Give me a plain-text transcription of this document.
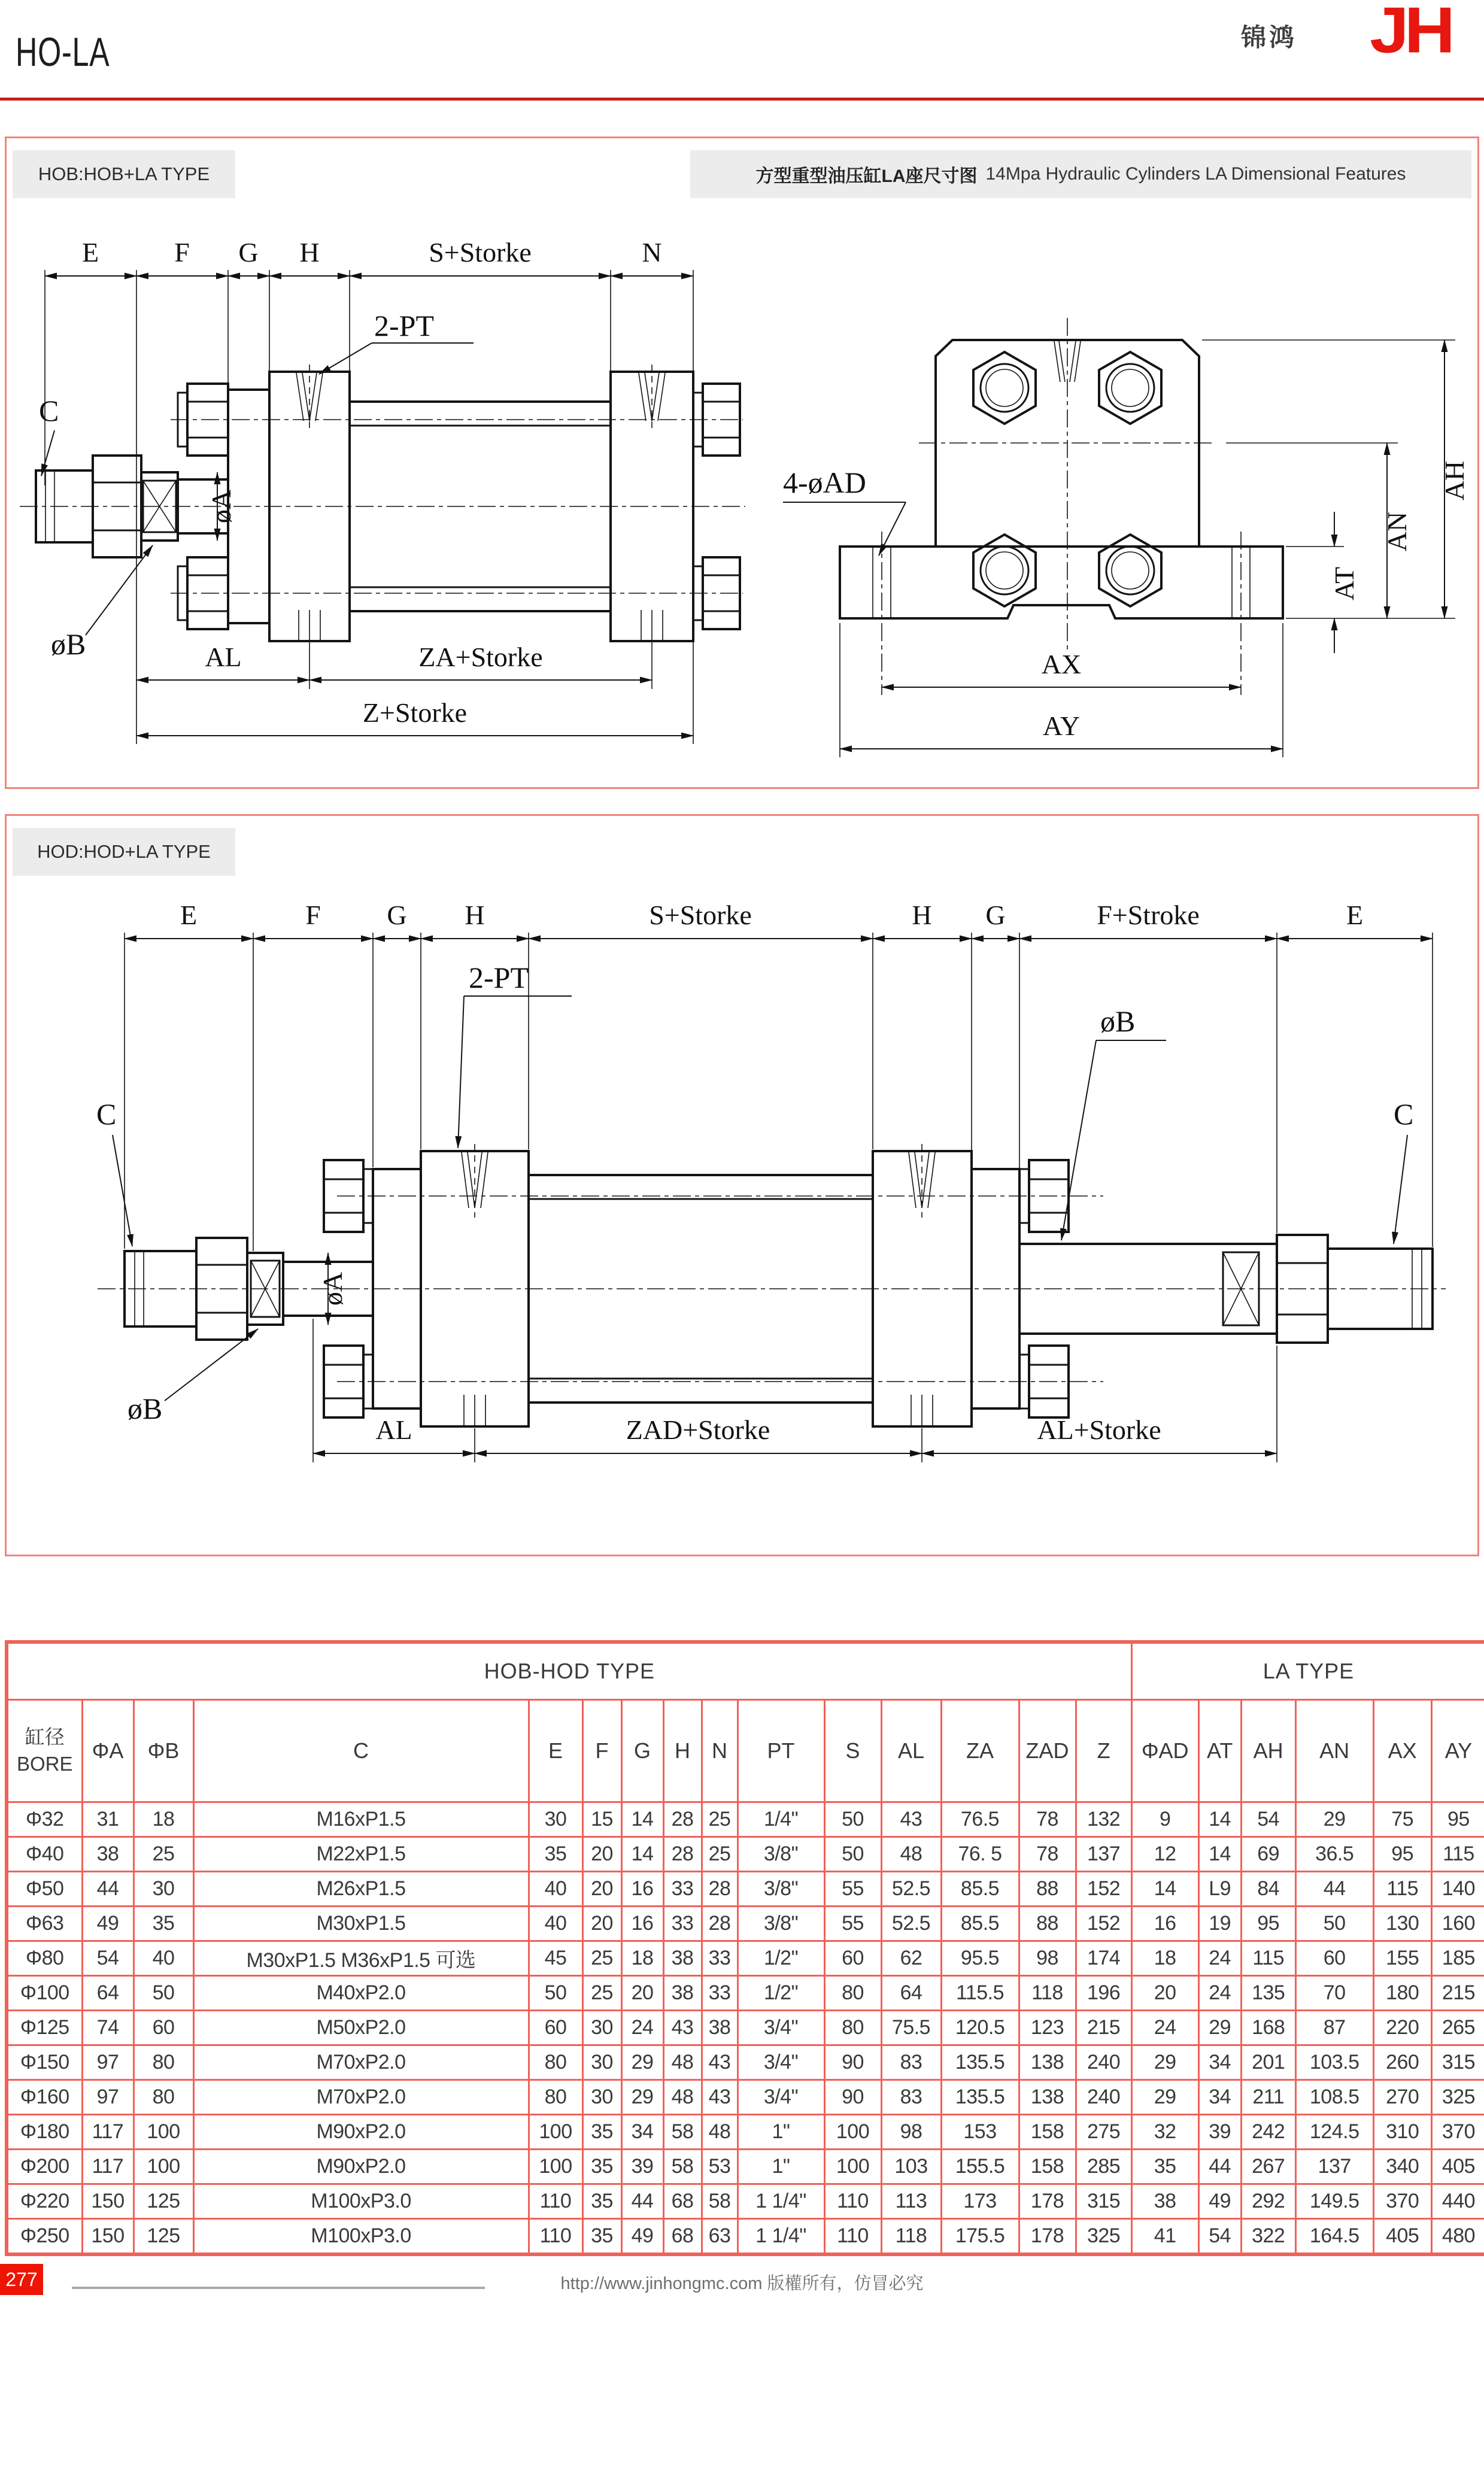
HO-LA	锦鸿 JH
HOB:HOB+LA TYPE	方型重型油压缸LA座尺寸图 14Mpa Hydraulic Cylinders LA Dimensional Features
E	F G H	S+Storke	N
C
øB
2-PT
øA
AL	ZA+Storke
Z+Storke
AH
AN
AT
AX
AY
4-øAD
HOD:HOD+LA TYPE
E	F G H	S+Storke	H G	F+Stroke	E
C	C
2-PT
øB
øB
øA
AL	ZAD+Storke	AL+Storke
HOB-HOD TYPE															LA TYPE					

缸径
BORE	ΦA	ΦB	C	E	F	G	H	N	PT	S	AL	ZA	ZAD	Z	ΦAD	AT	AH	AN	AX	AY
Φ32	31	18	M16xP1.5	30	15	14	28	25	1/4"	50	43	76.5	78	132	9	14	54	29	75	95
Φ40	38	25	M22xP1.5	35	20	14	28	25	3/8"	50	48	76. 5	78	137	12	14	69	36.5	95	115
Φ50	44	30	M26xP1.5	40	20	16	33	28	3/8"	55	52.5	85.5	88	152	14	L9	84	44	115	140
Φ63	49	35	M30xP1.5	40	20	16	33	28	3/8"	55	52.5	85.5	88	152	16	19	95	50	130	160
Φ80	54	40	M30xP1.5 M36xP1.5 可选	45	25	18	38	33	1/2"	60	62	95.5	98	174	18	24	115	60	155	185
Φ100	64	50	M40xP2.0	50	25	20	38	33	1/2"	80	64	115.5	118	196	20	24	135	70	180	215
Φ125	74	60	M50xP2.0	60	30	24	43	38	3/4"	80	75.5	120.5	123	215	24	29	168	87	220	265
Φ150	97	80	M70xP2.0	80	30	29	48	43	3/4"	90	83	135.5	138	240	29	34	201	103.5	260	315
Φ160	97	80	M70xP2.0	80	30	29	48	43	3/4"	90	83	135.5	138	240	29	34	211	108.5	270	325
Φ180	117	100	M90xP2.0	100	35	34	58	48	1"	100	98	153	158	275	32	39	242	124.5	310	370
Φ200	117	100	M90xP2.0	100	35	39	58	53	1"	100	103	155.5	158	285	35	44	267	137	340	405
Φ220	150	125	M100xP3.0	110	35	44	68	58	1 1/4"	110	113	173	178	315	38	49	292	149.5	370	440
Φ250	150	125	M100xP3.0	110	35	49	68	63	1 1/4"	110	118	175.5	178	325	41	54	322	164.5	405	480
277	http://www.jinhongmc.com 版權所有，仿冒必究
